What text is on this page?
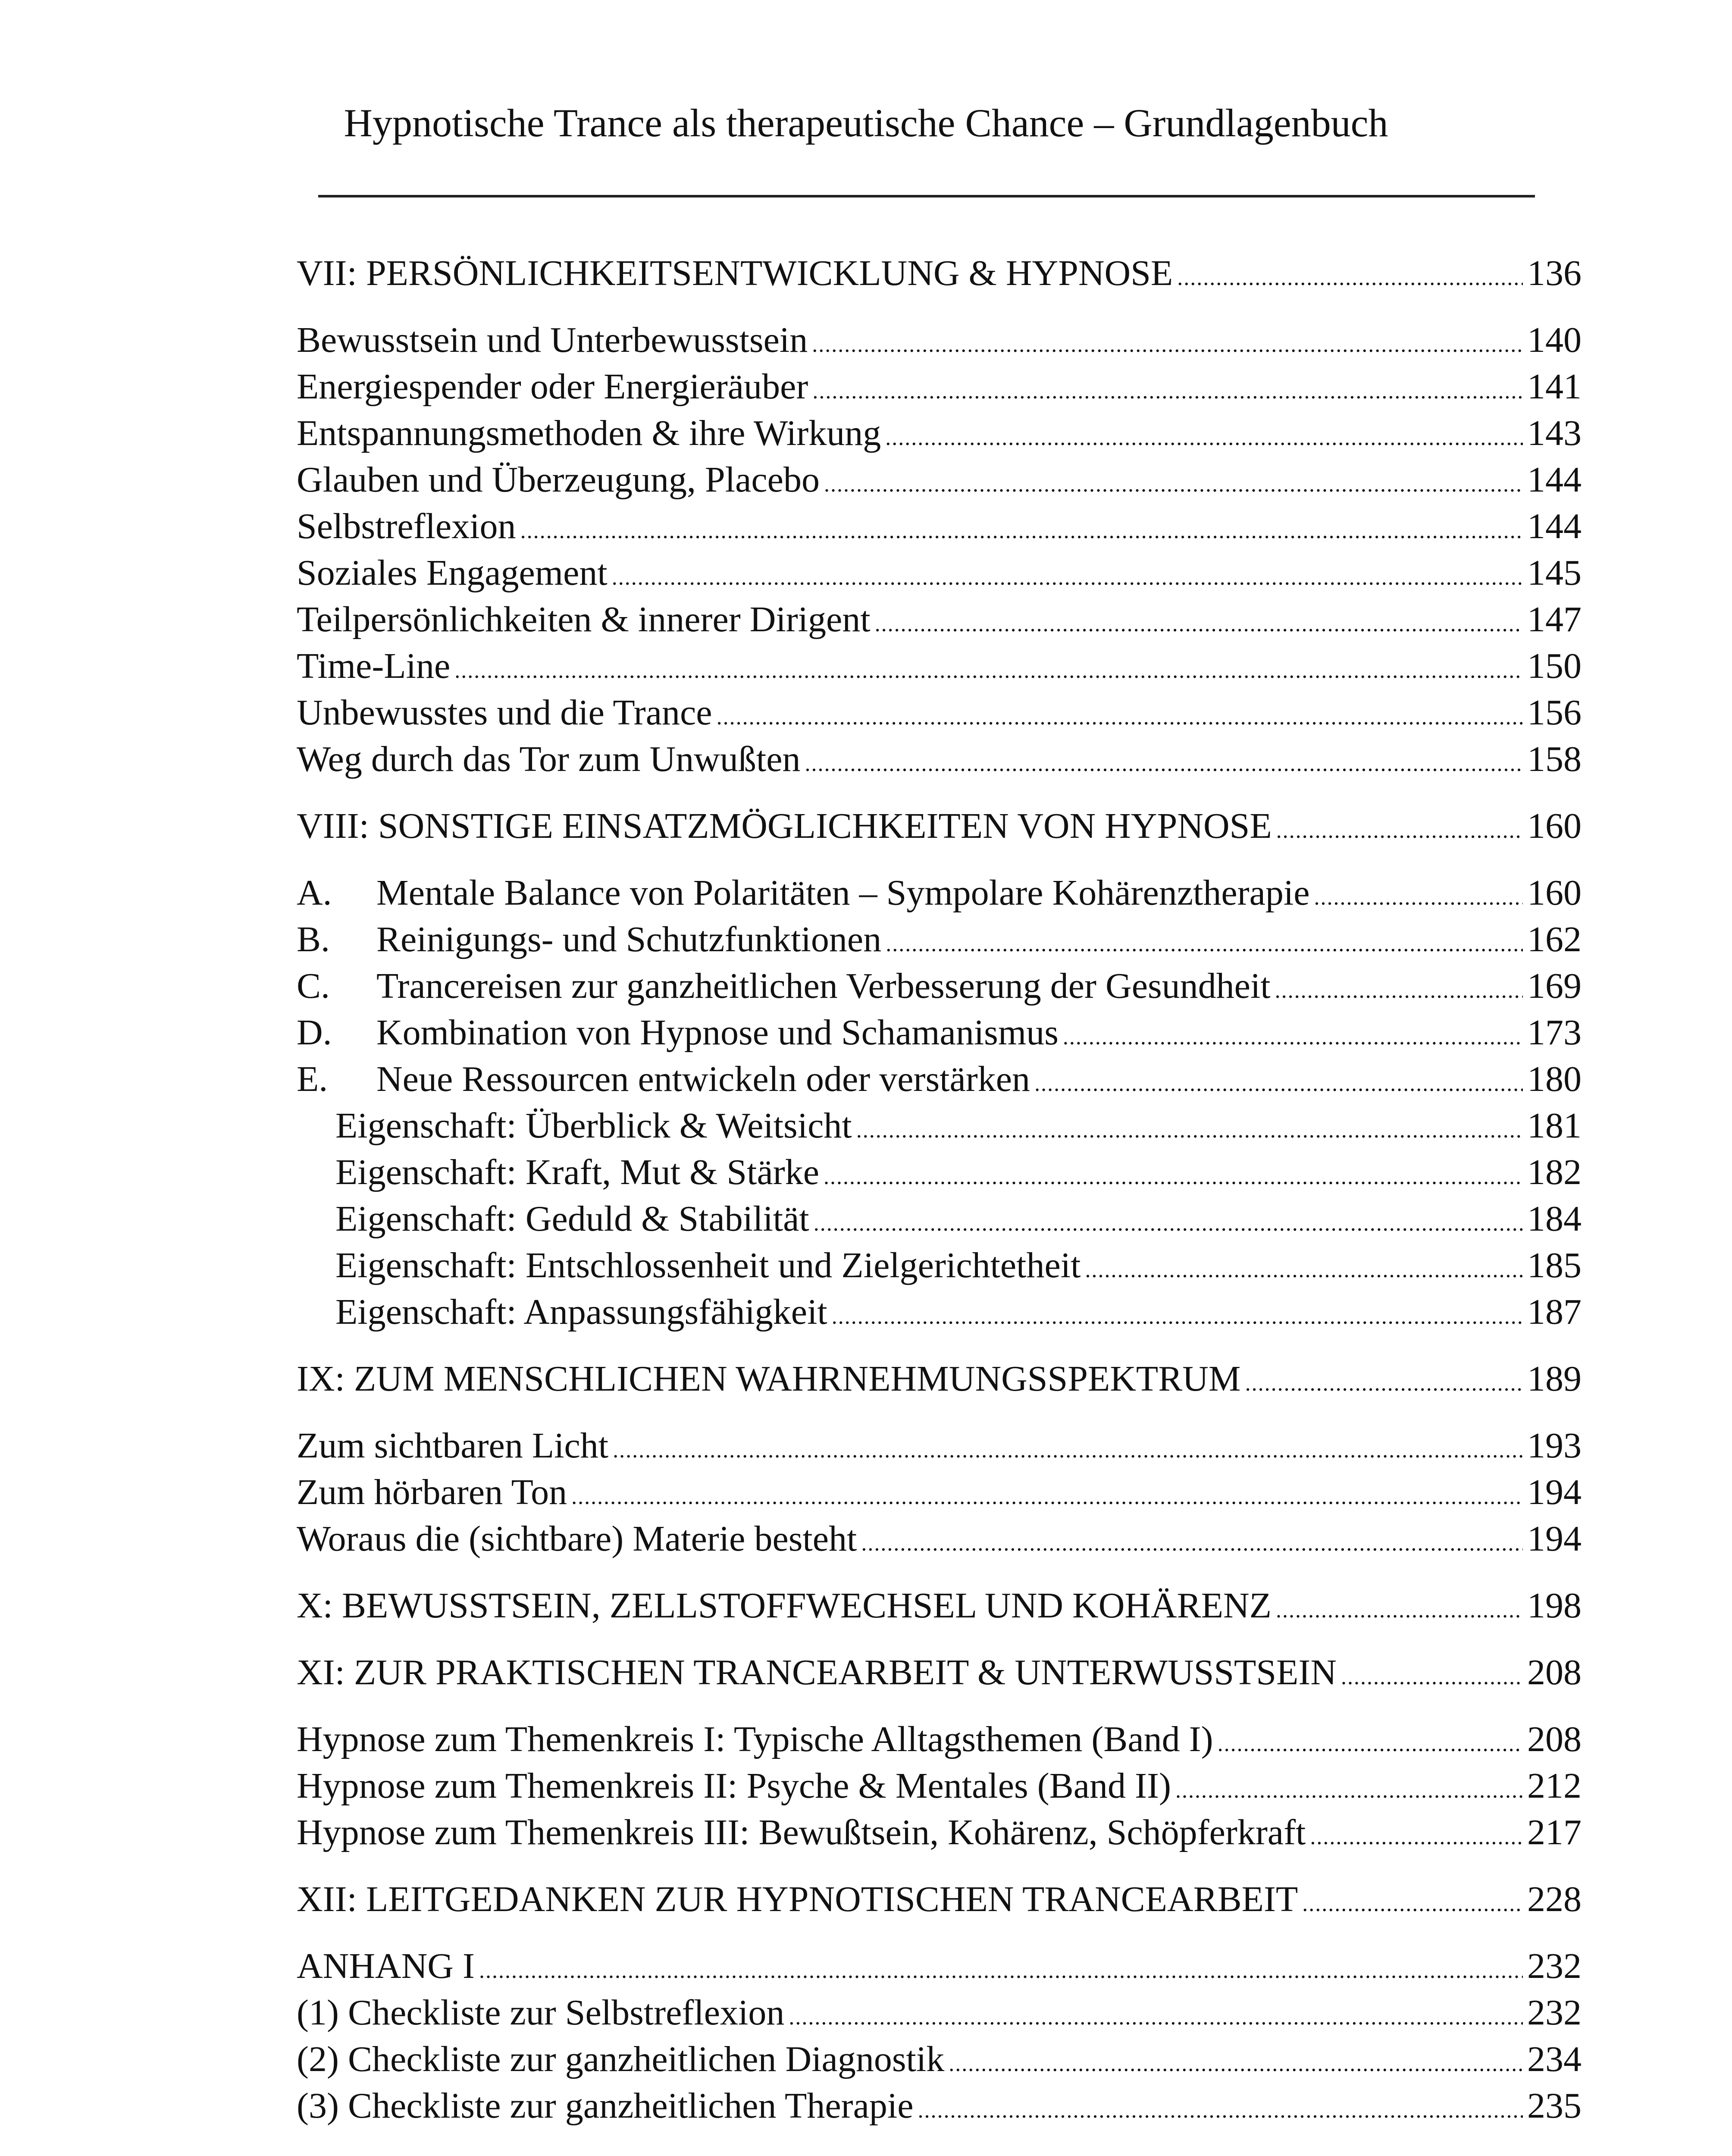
Hypnotische Trance als therapeutische Chance – Grundlagenbuch
VII: PERSÖNLICHKEITSENTWICKLUNG & HYPNOSE .....	136
Bewusstsein und Unterbewusstsein .....	140
Energiespender oder Energieräuber .....	141
Entspannungsmethoden & ihre Wirkung .....	143
Glauben und Überzeugung, Placebo .....	144
Selbstreflexion .....	144
Soziales Engagement .....	145
Teilpersönlichkeiten & innerer Dirigent .....	147
Time-Line .....	150
Unbewusstes und die Trance .....	156
Weg durch das Tor zum Unwußten .....	158
VIII: SONSTIGE EINSATZMÖGLICHKEITEN VON HYPNOSE .....	160
A.	Mentale Balance von Polaritäten – Sympolare Kohärenztherapie .....	160
B.	Reinigungs- und Schutzfunktionen .....	162
C.	Trancereisen zur ganzheitlichen Verbesserung der Gesundheit .....	169
D.	Kombination von Hypnose und Schamanismus .....	173
E.	Neue Ressourcen entwickeln oder verstärken .....	180
Eigenschaft: Überblick & Weitsicht .....	181
Eigenschaft: Kraft, Mut & Stärke .....	182
Eigenschaft: Geduld & Stabilität .....	184
Eigenschaft: Entschlossenheit und Zielgerichtetheit .....	185
Eigenschaft: Anpassungsfähigkeit .....	187
IX: ZUM MENSCHLICHEN WAHRNEHMUNGSSPEKTRUM .....	189
Zum sichtbaren Licht .....	193
Zum hörbaren Ton .....	194
Woraus die (sichtbare) Materie besteht .....	194
X: BEWUSSTSEIN, ZELLSTOFFWECHSEL UND KOHÄRENZ .....	198
XI: ZUR PRAKTISCHEN TRANCEARBEIT & UNTERWUSSTSEIN .....	208
Hypnose zum Themenkreis I: Typische Alltagsthemen (Band I) .....	208
Hypnose zum Themenkreis II: Psyche & Mentales (Band II) .....	212
Hypnose zum Themenkreis III: Bewußtsein, Kohärenz, Schöpferkraft .....	217
XII: LEITGEDANKEN ZUR HYPNOTISCHEN TRANCEARBEIT .....	228
ANHANG I .....	232
(1) Checkliste zur Selbstreflexion .....	232
(2) Checkliste zur ganzheitlichen Diagnostik .....	234
(3) Checkliste zur ganzheitlichen Therapie .....	235
